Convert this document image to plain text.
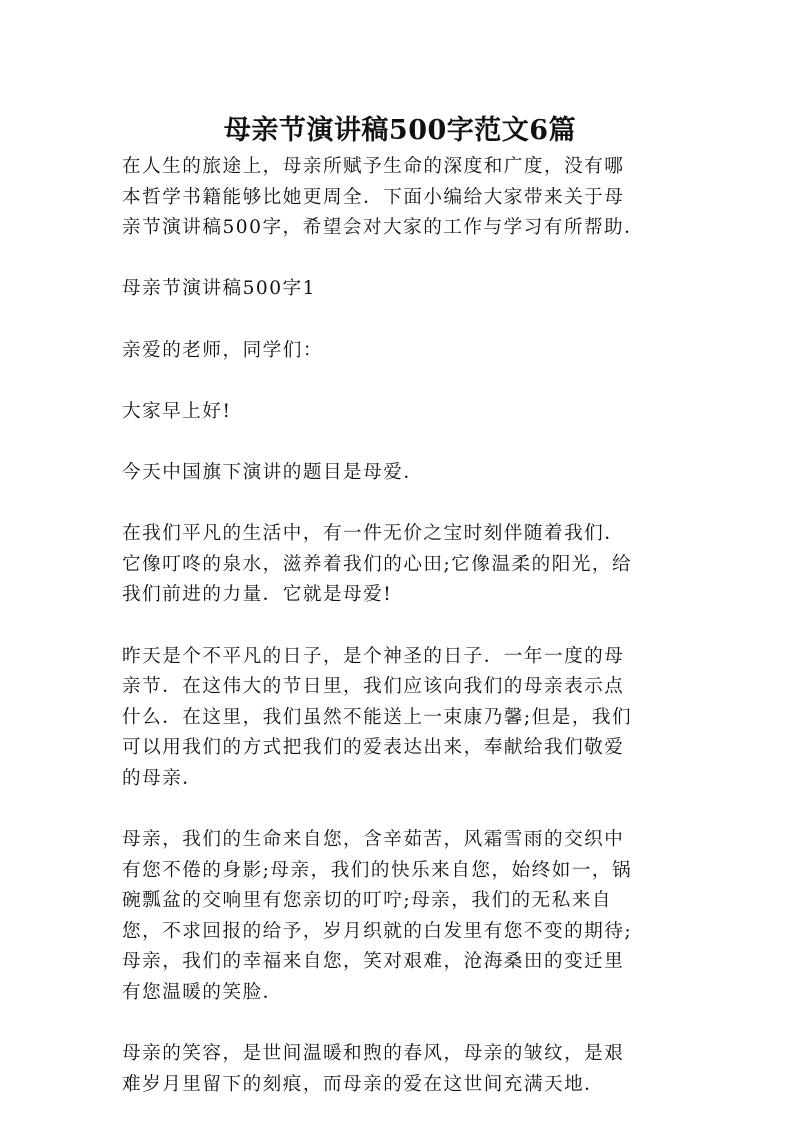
母亲节演讲稿500字范文6篇

在人生的旅途上，母亲所赋予生命的深度和广度，没有哪
本哲学书籍能够比她更周全．下面小编给大家带来关于母
亲节演讲稿500字，希望会对大家的工作与学习有所帮助．

母亲节演讲稿500字1

亲爱的老师，同学们：

大家早上好!

今天中国旗下演讲的题目是母爱．

在我们平凡的生活中，有一件无价之宝时刻伴随着我们．
它像叮咚的泉水，滋养着我们的心田;它像温柔的阳光，给
我们前进的力量．它就是母爱!

昨天是个不平凡的日子，是个神圣的日子．一年一度的母
亲节．在这伟大的节日里，我们应该向我们的母亲表示点
什么．在这里，我们虽然不能送上一束康乃馨;但是，我们
可以用我们的方式把我们的爱表达出来，奉献给我们敬爱
的母亲．

母亲，我们的生命来自您，含辛茹苦，风霜雪雨的交织中
有您不倦的身影;母亲，我们的快乐来自您，始终如一，锅
碗瓢盆的交响里有您亲切的叮咛;母亲，我们的无私来自
您，不求回报的给予，岁月织就的白发里有您不变的期待;
母亲，我们的幸福来自您，笑对艰难，沧海桑田的变迁里
有您温暖的笑脸．

母亲的笑容，是世间温暖和煦的春风，母亲的皱纹，是艰
难岁月里留下的刻痕，而母亲的爱在这世间充满天地．
